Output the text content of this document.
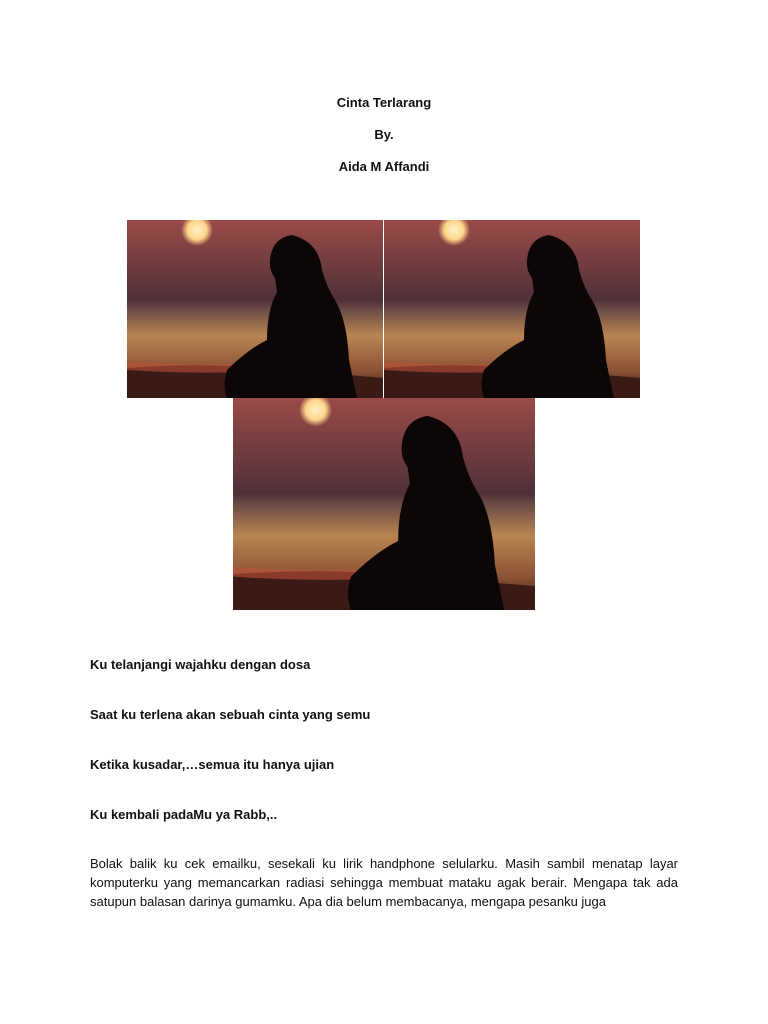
Cinta Terlarang
By.
Aida M Affandi
Ku telanjangi wajahku dengan dosa
Saat ku terlena akan sebuah cinta yang semu
Ketika kusadar,…semua itu hanya ujian
Ku kembali padaMu ya Rabb,..
Bolak balik ku cek emailku, sesekali ku lirik handphone selularku. Masih sambil menatap layar komputerku yang memancarkan radiasi sehingga membuat mataku agak berair. Mengapa tak ada satupun balasan darinya gumamku. Apa dia belum membacanya, mengapa pesanku juga
